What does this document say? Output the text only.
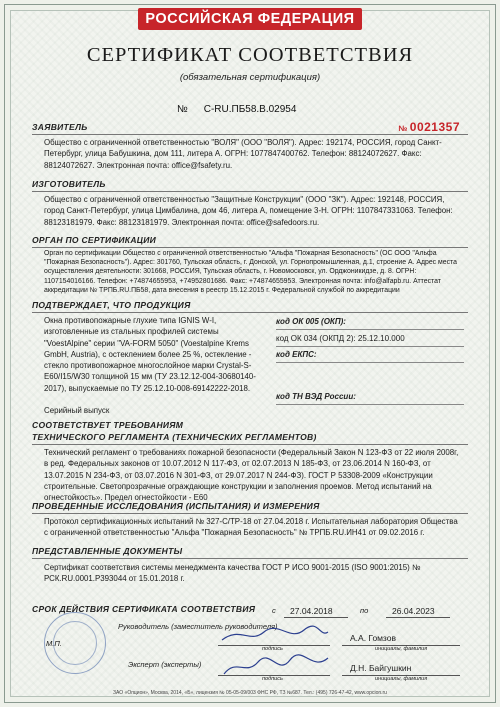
РОССИЙСКАЯ ФЕДЕРАЦИЯ
СЕРТИФИКАТ СООТВЕТСТВИЯ
(обязательная сертификация)
№ C-RU.ПБ58.В.02954
ЗАЯВИТЕЛЬ	№ 0021357
Общество с ограниченной ответственностью "ВОЛЯ" (ООО "ВОЛЯ"). Адрес: 192174, РОССИЯ, город Санкт-Петербург, улица Бабушкина, дом 111, литера А. ОГРН: 1077847400762. Телефон: 88124072627. Факс: 88124072627. Электронная почта: office@fsafety.ru.
ИЗГОТОВИТЕЛЬ
Общество с ограниченной ответственностью "Защитные Конструкции" (ООО "ЗК"). Адрес: 192148, РОССИЯ, город Санкт-Петербург, улица Цимбалина, дом 46, литера А, помещение 3-Н. ОГРН: 1107847331063. Телефон: 88123181979. Факс: 88123181979. Электронная почта: office@safedoors.ru.
ОРГАН ПО СЕРТИФИКАЦИИ
Орган по сертификации Общество с ограниченной ответственностью "Альфа "Пожарная Безопасность" (ОС ООО "Альфа "Пожарная Безопасность"). Адрес: 301760, Тульская область, г. Донской, ул. Горнопромышленная, д.1, строение А. Адрес места осуществления деятельности: 301668, РОССИЯ, Тульская область, г. Новомосковск, ул. Орджоникидзе, д. 8. ОГРН: 1107154016166. Телефон: +74874655953, +74952801686. Факс: +74874655953. Электронная почта: info@alfapb.ru. Аттестат аккредитации № ТРПБ.RU.ПБ58, дата внесения в реестр 15.12.2015 г. Федеральной службой по аккредитации
ПОДТВЕРЖДАЕТ, ЧТО ПРОДУКЦИЯ
Окна противопожарные глухие типа IGNIS W-I, изготовленные из стальных профилей системы "VoestAlpine" серии "VA-FORM 5050" (Voestalpine Krems GmbH, Austria), с остеклением более 25 %, остекление - стекло противопожарное многослойное марки Crystal-S-E60/I15/W30 толщиной 15 мм (ТУ 23.12.12-004-30680140-2017), выпускаемые по ТУ 25.12.10-008-69142222-2018.
Серийный выпуск
код ОК 005 (ОКП):
код ОК 034 (ОКПД 2): 25.12.10.000
код ЕКПС:
код ТН ВЭД России:
СООТВЕТСТВУЕТ ТРЕБОВАНИЯМ
ТЕХНИЧЕСКОГО РЕГЛАМЕНТА (ТЕХНИЧЕСКИХ РЕГЛАМЕНТОВ)
Технический регламент о требованиях пожарной безопасности (Федеральный Закон N 123-ФЗ от 22 июля 2008г, в ред. Федеральных законов от 10.07.2012 N 117-ФЗ, от 02.07.2013 N 185-ФЗ, от 23.06.2014 N 160-ФЗ, от 13.07.2015 N 234-ФЗ, от 03.07.2016 N 301-ФЗ, от 29.07.2017 N 244-ФЗ). ГОСТ Р 53308-2009 «Конструкции строительные. Светопрозрачные ограждающие конструкции и заполнения проемов. Метод испытаний на огнестойкость». Предел огнестойкости - Е60
ПРОВЕДЕННЫЕ ИССЛЕДОВАНИЯ (ИСПЫТАНИЯ) И ИЗМЕРЕНИЯ
Протокол сертификационных испытаний № 327-С/ТР-18 от 27.04.2018 г. Испытательная лаборатория Общества с ограниченной ответственностью "Альфа "Пожарная Безопасность" № ТРПБ.RU.ИН41 от 09.02.2016 г.
ПРЕДСТАВЛЕННЫЕ ДОКУМЕНТЫ
Сертификат соответствия системы менеджмента качества ГОСТ Р ИСО 9001-2015 (ISO 9001:2015) № РСК.RU.0001.Р393044 от 15.01.2018 г.
СРОК ДЕЙСТВИЯ СЕРТИФИКАТА СООТВЕТСТВИЯ с 27.04.2018	по	26.04.2023
М.П.
Руководитель (заместитель руководителя)
подпись
А.А. Гомзов
инициалы, фамилия
Эксперт (эксперты)
подпись
Д.Н. Байгушкин
инициалы, фамилия
ЗАО «Опцион», Москва, 2014, «Б», лицензия № 05-05-09/003 ФНС РФ, ТЗ №687. Тел.: (495) 726-47-42, www.opcion.ru
